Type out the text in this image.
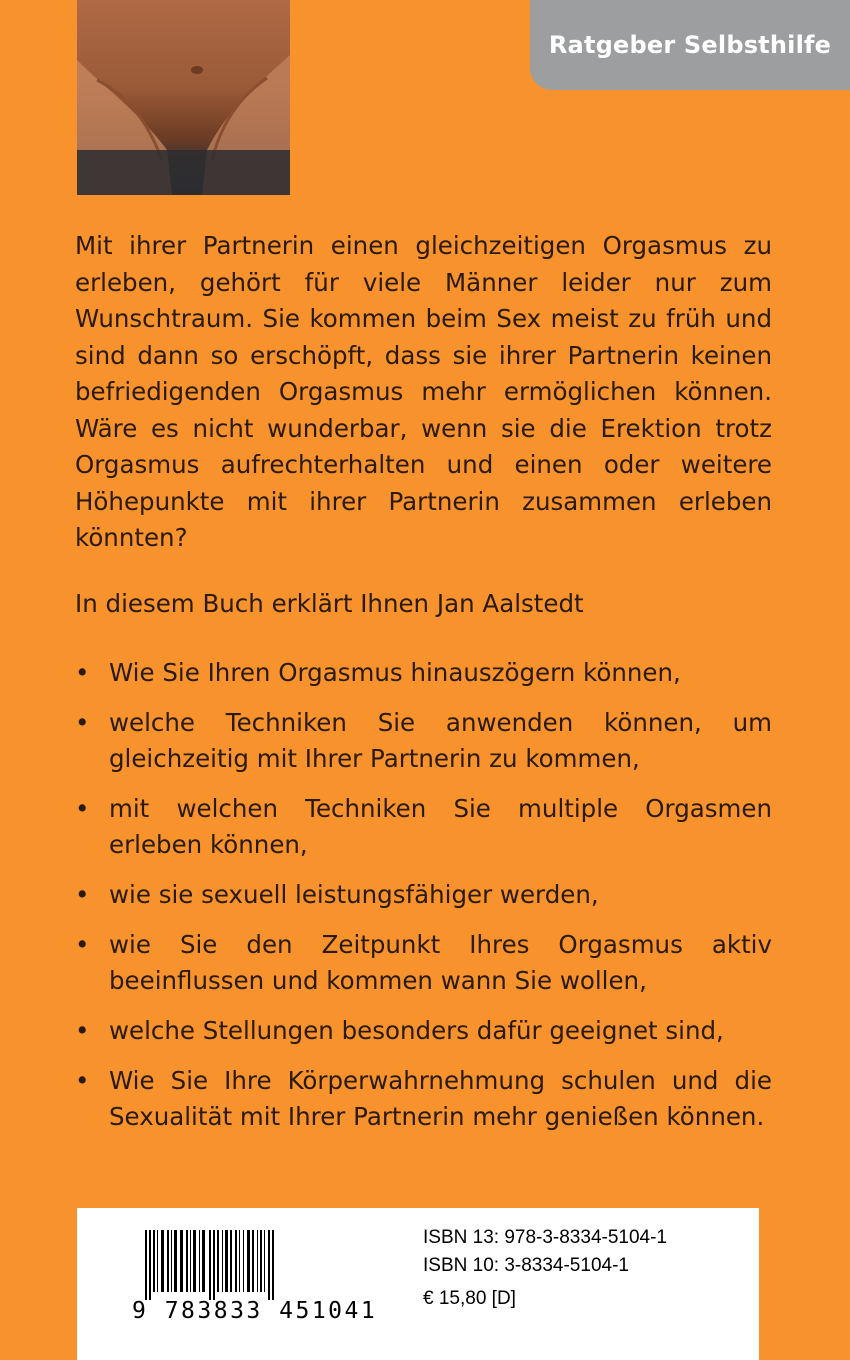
Ratgeber Selbsthilfe

Mit ihrer Partnerin einen gleichzeitigen Orgasmus zu erleben, gehört für viele Männer leider nur zum Wunschtraum. Sie kommen beim Sex meist zu früh und sind dann so erschöpft, dass sie ihrer Partnerin keinen befriedigenden Orgasmus mehr ermöglichen können. Wäre es nicht wunderbar, wenn sie die Erektion trotz Orgasmus aufrechterhalten und einen oder weitere Höhepunkte mit ihrer Partnerin zusammen erleben könnten?

In diesem Buch erklärt Ihnen Jan Aalstedt

• Wie Sie Ihren Orgasmus hinauszögern können,
• welche Techniken Sie anwenden können, um gleichzeitig mit Ihrer Partnerin zu kommen,
• mit welchen Techniken Sie multiple Orgasmen erleben können,
• wie sie sexuell leistungsfähiger werden,
• wie Sie den Zeitpunkt Ihres Orgasmus aktiv beeinflussen und kommen wann Sie wollen,
• welche Stellungen besonders dafür geeignet sind,
• Wie Sie Ihre Körperwahrnehmung schulen und die Sexualität mit Ihrer Partnerin mehr genießen können.
9 783833 451041
ISBN 13: 978-3-8334-5104-1
ISBN 10: 3-8334-5104-1
€ 15,80 [D]
